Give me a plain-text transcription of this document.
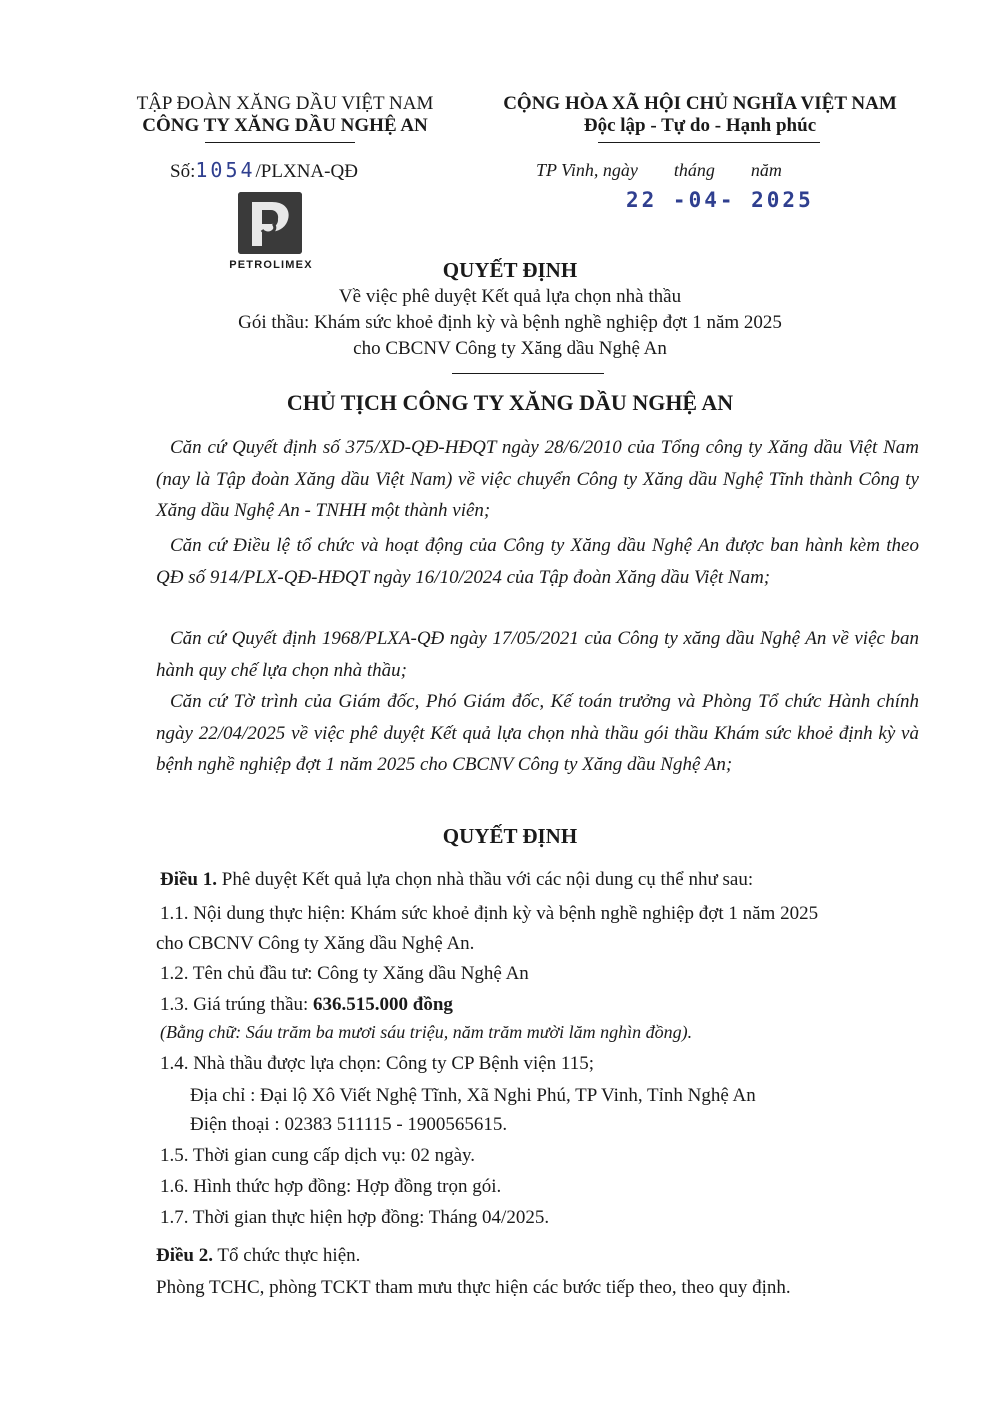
TẬP ĐOÀN XĂNG DẦU VIỆT NAM
CÔNG TY XĂNG DẦU NGHỆ AN
CỘNG HÒA XÃ HỘI CHỦ NGHĨA VIỆT NAM
Độc lập - Tự do - Hạnh phúc
Số:1054/PLXNA-QĐ	TP Vinh, ngày        tháng        năm
22 -04- 2025
PETROLIMEX	QUYẾT ĐỊNH
Về việc phê duyệt Kết quả lựa chọn nhà thầu
Gói thầu: Khám sức khoẻ định kỳ và bệnh nghề nghiệp đợt 1 năm 2025
cho CBCNV Công ty Xăng dầu Nghệ An
CHỦ TỊCH CÔNG TY XĂNG DẦU NGHỆ AN
Căn cứ Quyết định số 375/XD-QĐ-HĐQT ngày 28/6/2010 của Tổng công ty Xăng dầu Việt Nam (nay là Tập đoàn Xăng dầu Việt Nam) về việc chuyển Công ty Xăng dầu Nghệ Tĩnh thành Công ty Xăng dầu Nghệ An - TNHH một thành viên;
Căn cứ Điều lệ tổ chức và hoạt động của Công ty Xăng dầu Nghệ An được ban hành kèm theo QĐ số 914/PLX-QĐ-HĐQT ngày 16/10/2024 của Tập đoàn Xăng dầu Việt Nam;
Căn cứ Quyết định 1968/PLXA-QĐ ngày 17/05/2021 của Công ty xăng dầu Nghệ An về việc ban hành quy chế lựa chọn nhà thầu;
Căn cứ Tờ trình của Giám đốc, Phó Giám đốc, Kế toán trưởng và Phòng Tổ chức Hành chính ngày 22/04/2025 về việc phê duyệt Kết quả lựa chọn nhà thầu gói thầu Khám sức khoẻ định kỳ và bệnh nghề nghiệp đợt 1 năm 2025 cho CBCNV Công ty Xăng dầu Nghệ An;
QUYẾT ĐỊNH
Điều 1. Phê duyệt Kết quả lựa chọn nhà thầu với các nội dung cụ thể như sau:
1.1. Nội dung thực hiện: Khám sức khoẻ định kỳ và bệnh nghề nghiệp đợt 1 năm 2025
cho CBCNV Công ty Xăng dầu Nghệ An.
1.2. Tên chủ đầu tư: Công ty Xăng dầu Nghệ An
1.3. Giá trúng thầu: 636.515.000 đồng
(Bằng chữ: Sáu trăm ba mươi sáu triệu, năm trăm mười lăm nghìn đồng).
1.4. Nhà thầu được lựa chọn: Công ty CP Bệnh viện 115;
Địa chỉ : Đại lộ Xô Viết Nghệ Tĩnh, Xã Nghi Phú, TP Vinh, Tỉnh Nghệ An
Điện thoại : 02383 511115 - 1900565615.
1.5. Thời gian cung cấp dịch vụ: 02 ngày.
1.6. Hình thức hợp đồng: Hợp đồng trọn gói.
1.7. Thời gian thực hiện hợp đồng: Tháng 04/2025.
Điều 2. Tổ chức thực hiện.
Phòng TCHC, phòng TCKT tham mưu thực hiện các bước tiếp theo, theo quy định.
